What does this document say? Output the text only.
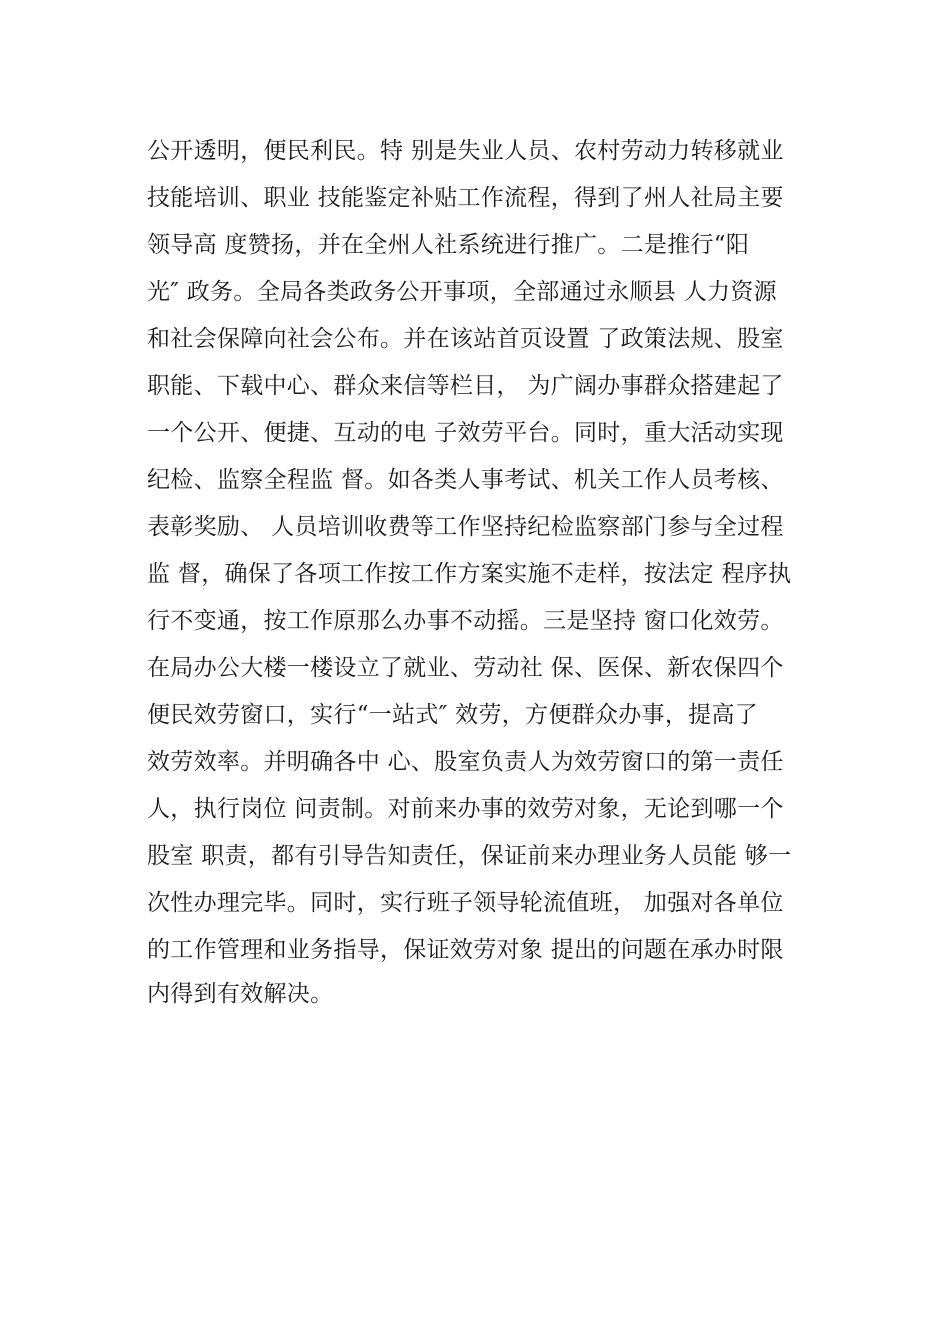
公开透明，便民利民。特 别是失业人员、农村劳动力转移就业
技能培训、职业 技能鉴定补贴工作流程，得到了州人社局主要
领导高 度赞扬，并在全州人社系统进行推广。二是推行“阳
光″ 政务。全局各类政务公开事项，全部通过永顺县 人力资源
和社会保障向社会公布。并在该站首页设置 了政策法规、股室
职能、下载中心、群众来信等栏目， 为广阔办事群众搭建起了
一个公开、便捷、互动的电 子效劳平台。同时，重大活动实现
纪检、监察全程监 督。如各类人事考试、机关工作人员考核、
表彰奖励、 人员培训收费等工作坚持纪检监察部门参与全过程
监 督，确保了各项工作按工作方案实施不走样，按法定 程序执
行不变通，按工作原那么办事不动摇。三是坚持 窗口化效劳。
在局办公大楼一楼设立了就业、劳动社 保、医保、新农保四个
便民效劳窗口，实行“一站式″ 效劳，方便群众办事，提高了
效劳效率。并明确各中 心、股室负责人为效劳窗口的第一责任
人，执行岗位 问责制。对前来办事的效劳对象，无论到哪一个
股室 职责，都有引导告知责任，保证前来办理业务人员能 够一
次性办理完毕。同时，实行班子领导轮流值班， 加强对各单位
的工作管理和业务指导，保证效劳对象 提出的问题在承办时限
内得到有效解决。
